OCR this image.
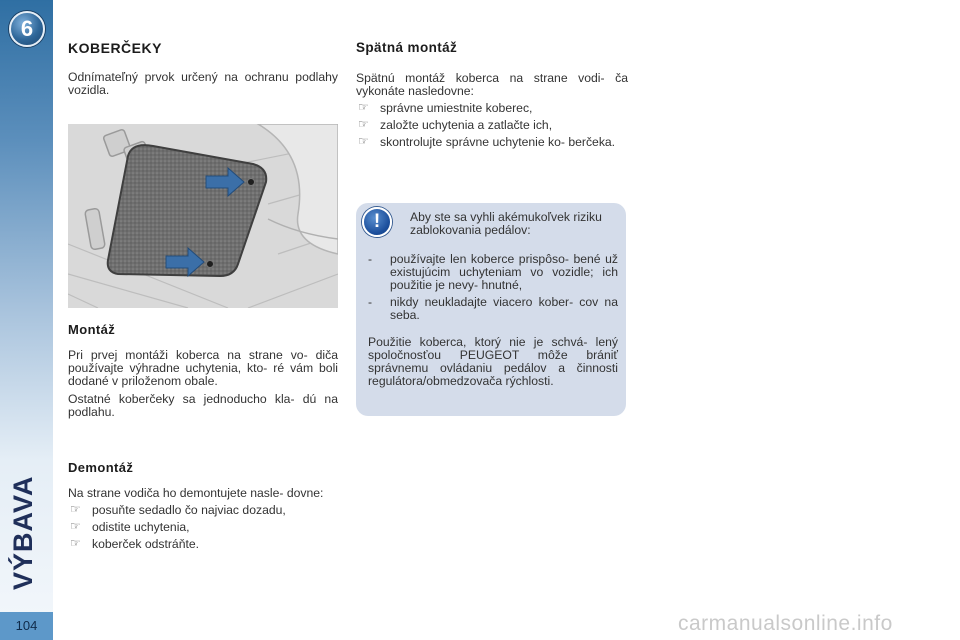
6
104
KOBERČEKY

Odnímateľný prvok určený na ochranu podlahy vozidla.

Montáž

Pri prvej montáži koberca na strane vo- diča používajte výhradne uchytenia, kto- ré vám boli dodané v priloženom obale.

Ostatné koberčeky sa jednoducho kla- dú na podlahu.

Demontáž

Na strane vodiča ho demontujete nasle- dovne:

☞ posuňte sedadlo čo najviac dozadu,
☞ odistite uchytenia,
☞ koberček odstráňte.
Spätná montáž

Spätnú montáž koberca na strane vodi- ča vykonáte nasledovne:

☞ správne umiestnite koberec,
☞ založte uchytenia a zatlačte ich,
☞ skontrolujte správne uchytenie ko- berčeka.
!	Aby ste sa vyhli akémukoľvek riziku zablokovania pedálov:
- používajte len koberce prispôso- bené už existujúcim uchyteniam vo vozidle; ich použitie je nevy- hnutné,
- nikdy neukladajte viacero kober- cov na seba.
Použitie koberca, ktorý nie je schvá- lený spoločnosťou PEUGEOT môže brániť správnemu ovládaniu pedálov a činnosti regulátora/obmedzovača rýchlosti.
carmanualsonline.info
